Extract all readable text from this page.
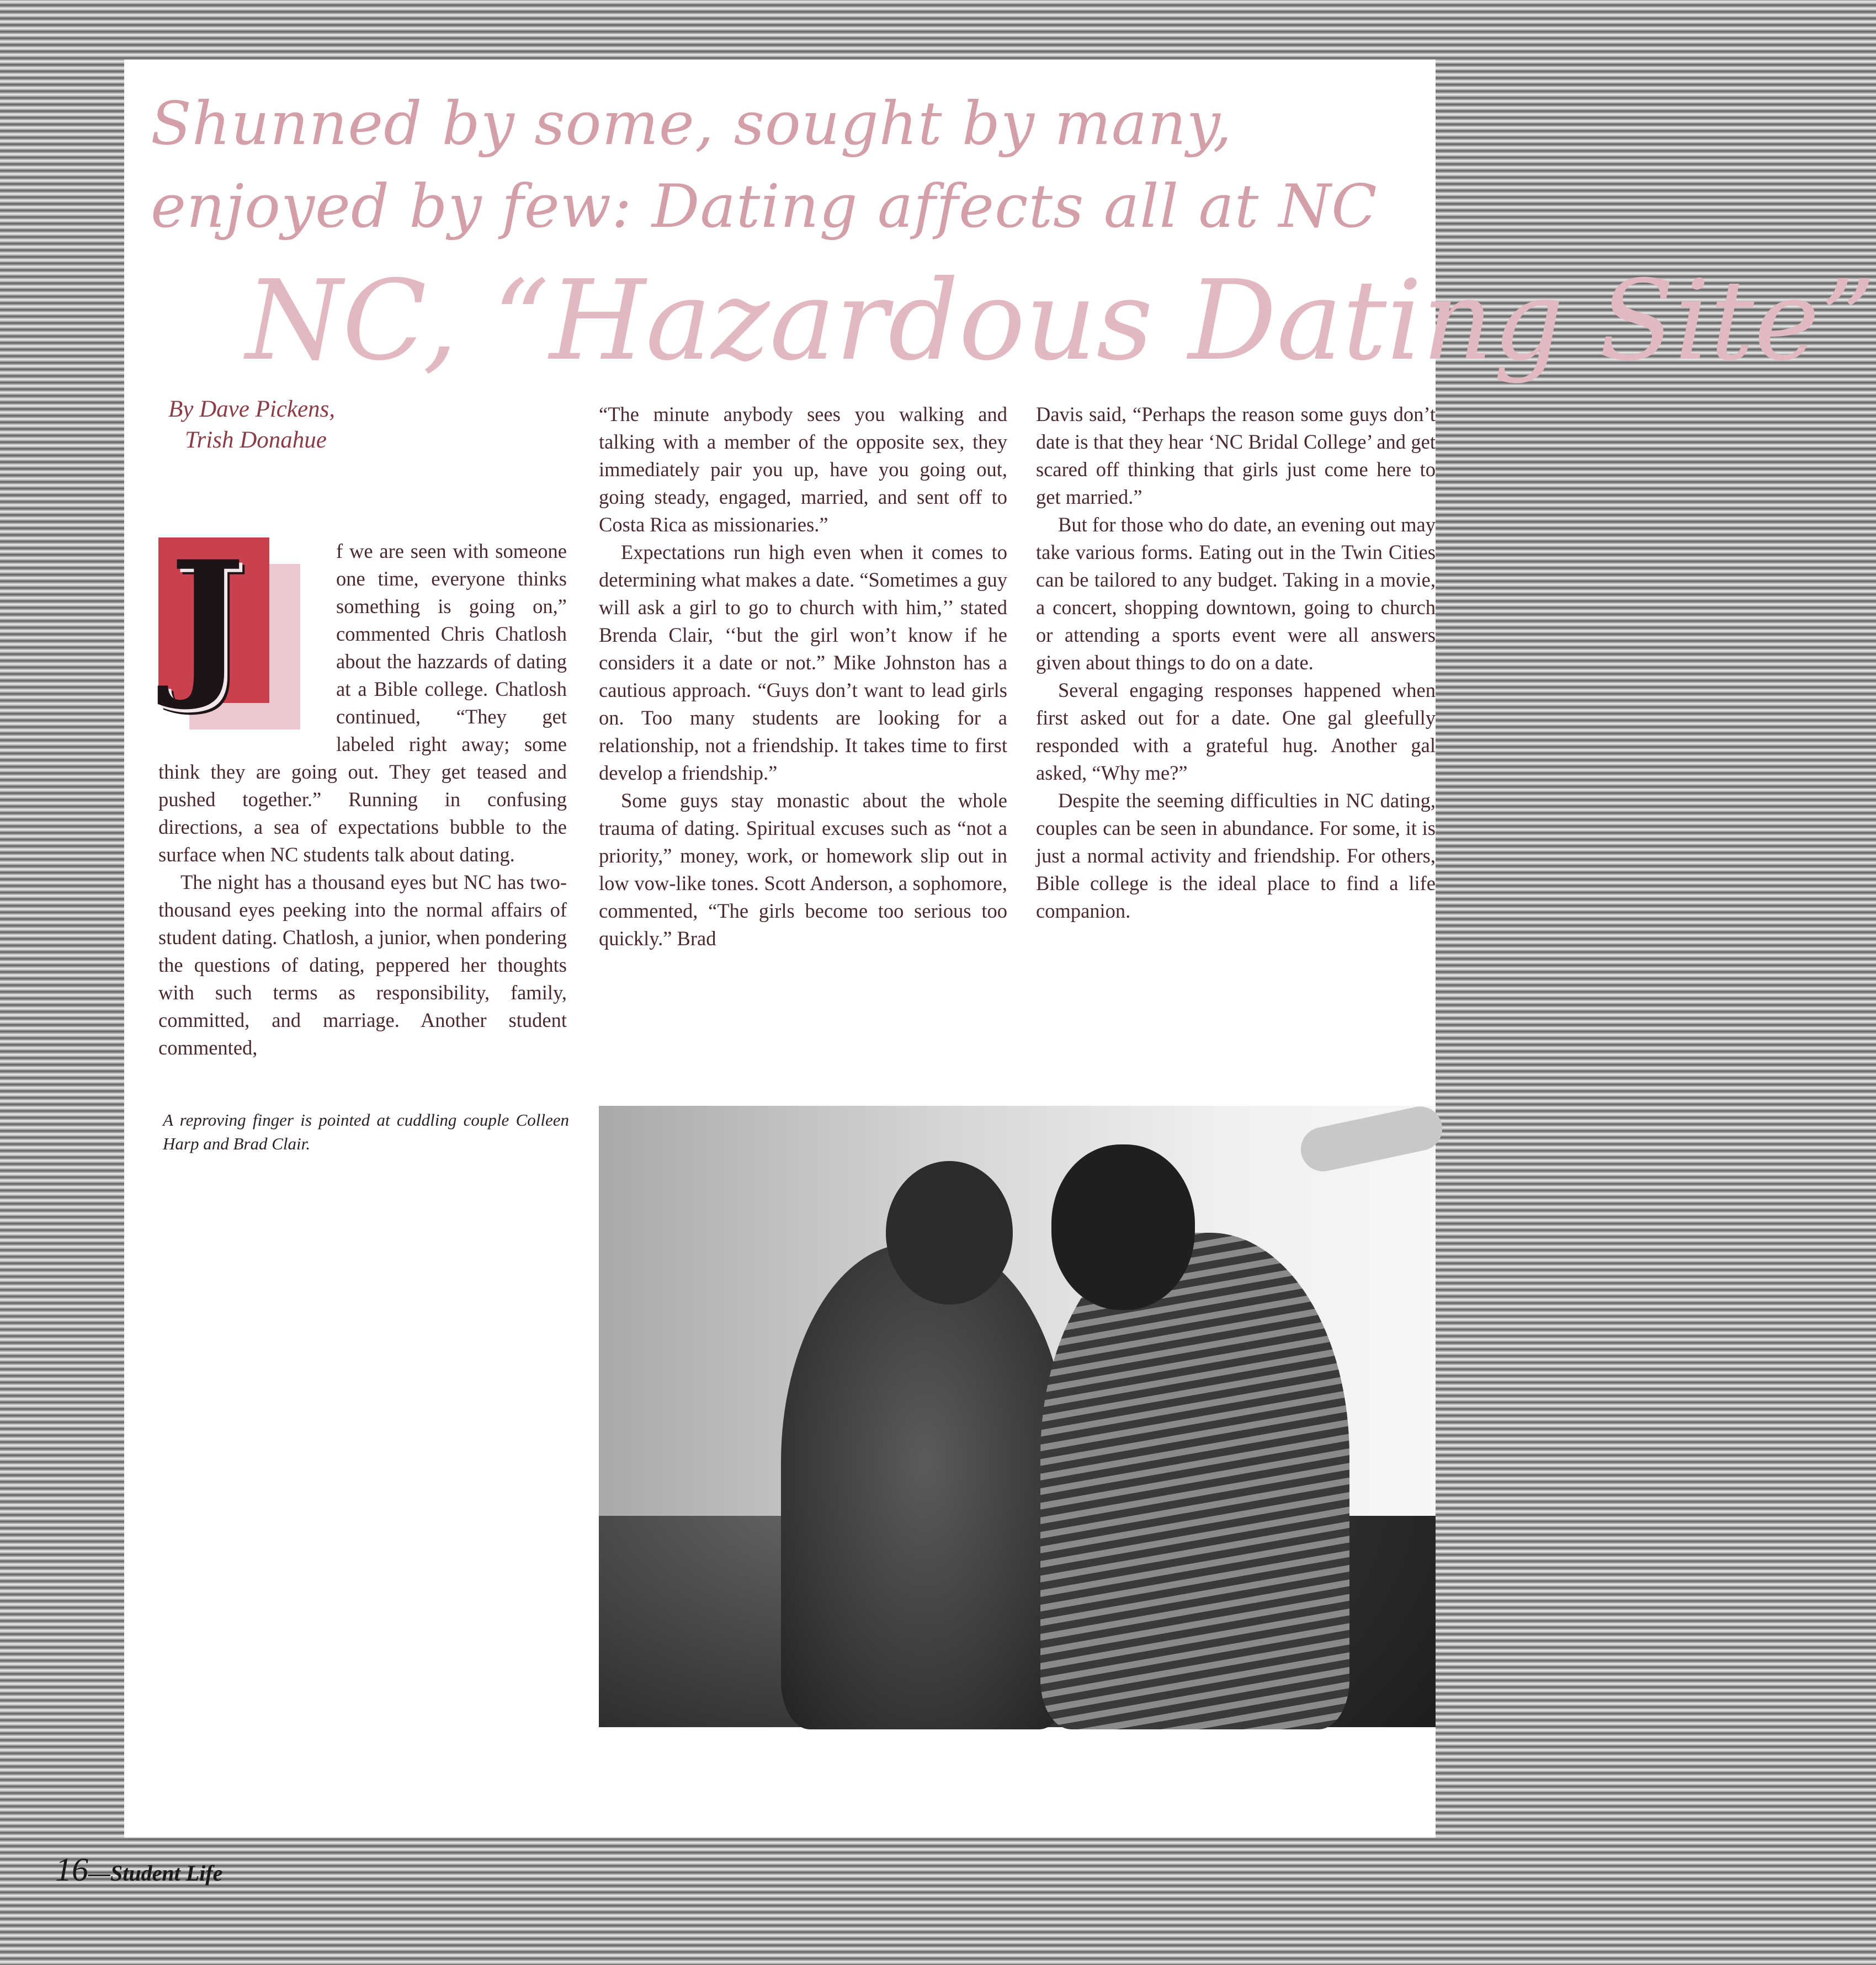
Shunned by some, sought by many,
enjoyed by few: Dating affects all at NC
NC, “Hazardous Dating Site”

By Dave Pickens,
Trish Donahue

J	f we are seen with someone one time, everyone thinks something is going on,” commented Chris Chatlosh about the hazzards of dating at a Bible college. Chatlosh continued, “They get labeled right away; some think they are going out. They get teased and pushed together.” Running in confusing directions, a sea of expectations bubble to the surface when NC students talk about dating.

The night has a thousand eyes but NC has two-thousand eyes peeking into the normal affairs of student dating. Chatlosh, a junior, when pondering the questions of dating, peppered her thoughts with such terms as responsibility, family, committed, and marriage. Another student commented,

“The minute anybody sees you walking and talking with a member of the opposite sex, they immediately pair you up, have you going out, going steady, engaged, married, and sent off to Costa Rica as missionaries.”

Expectations run high even when it comes to determining what makes a date. “Sometimes a guy will ask a girl to go to church with him,’’ stated Brenda Clair, ‘‘but the girl won’t know if he considers it a date or not.” Mike Johnston has a cautious approach. “Guys don’t want to lead girls on. Too many students are looking for a relationship, not a friendship. It takes time to first develop a friendship.”

Some guys stay monastic about the whole trauma of dating. Spiritual excuses such as “not a priority,” money, work, or homework slip out in low vow-like tones. Scott Anderson, a sophomore, commented, “The girls become too serious too quickly.” Brad

Davis said, “Perhaps the reason some guys don’t date is that they hear ‘NC Bridal College’ and get scared off thinking that girls just come here to get married.”

But for those who do date, an evening out may take various forms. Eating out in the Twin Cities can be tailored to any budget. Taking in a movie, a concert, shopping downtown, going to church or attending a sports event were all answers given about things to do on a date.

Several engaging responses happened when first asked out for a date. One gal gleefully responded with a grateful hug. Another gal asked, “Why me?”

Despite the seeming difficulties in NC dating, couples can be seen in abundance. For some, it is just a normal activity and friendship. For others, Bible college is the ideal place to find a life companion.

A reproving finger is pointed at cuddling couple Colleen Harp and Brad Clair.

16—Student Life
